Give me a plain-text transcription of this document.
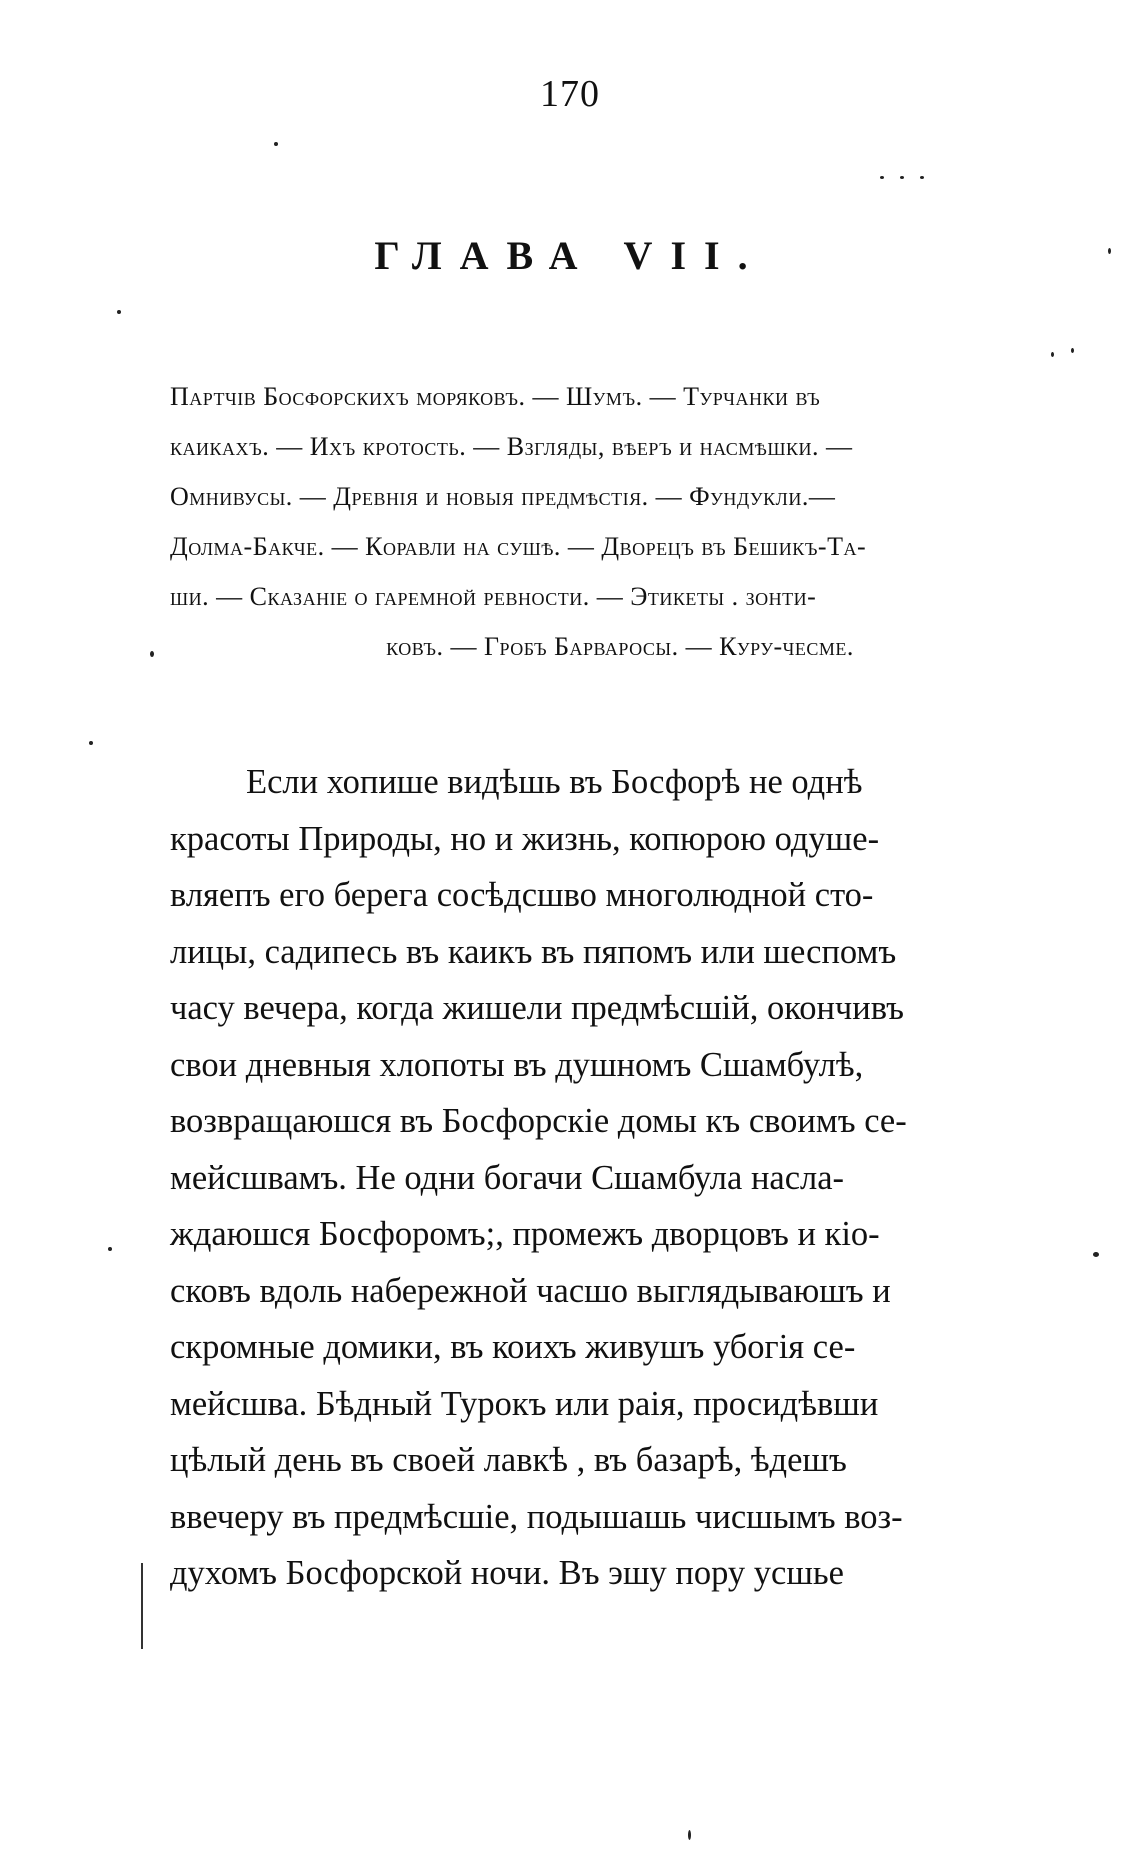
170
ГЛАВА VII.
Партчiв Босфорскихъ моряковъ. — Шумъ. — Турчанки въ
каикахъ. — Ихъ кротость. — Взгляды, вѣеръ и насмѣшки. —
Омнивусы. — Древнiя и новыя предмѣстiя. — Фундукли.—
Долма-Бакче. — Коравли на сушѣ. — Дворецъ въ Бешикъ-Та-
ши. — Сказанiе о гаремной ревности. — Этикеты . зонти-
ковъ. — Гробъ Барваросы. — Куру-чесме.
Если хопише видѣшь въ Босфорѣ не однѣ
красоты Природы, но и жизнь, копюрою одуше-
вляепъ его берега сосѣдсшво многолюдной сто-
лицы, садипесь въ каикъ въ пяпомъ или шеспомъ
часу вечера, когда жишели предмѣсшiй, окончивъ
свои дневныя хлопоты въ душномъ Сшамбулѣ,
возвращаюшся въ Босфорскiе домы къ своимъ се-
мейсшвамъ. Не одни богачи Сшамбула насла-
ждаюшся Босфоромъ;, промежъ дворцовъ и кiо-
сковъ вдоль набережной часшо выглядываюшъ и
скромные домики, въ коихъ живушъ убогiя се-
мейсшва. Бѣдный Турокъ или раiя, просидѣвши
цѣлый день въ своей лавкѣ , въ базарѣ, ѣдешъ
ввечеру въ предмѣсшiе, подышашь чисшымъ воз-
духомъ Босфорской ночи. Въ эшу пору усшье
